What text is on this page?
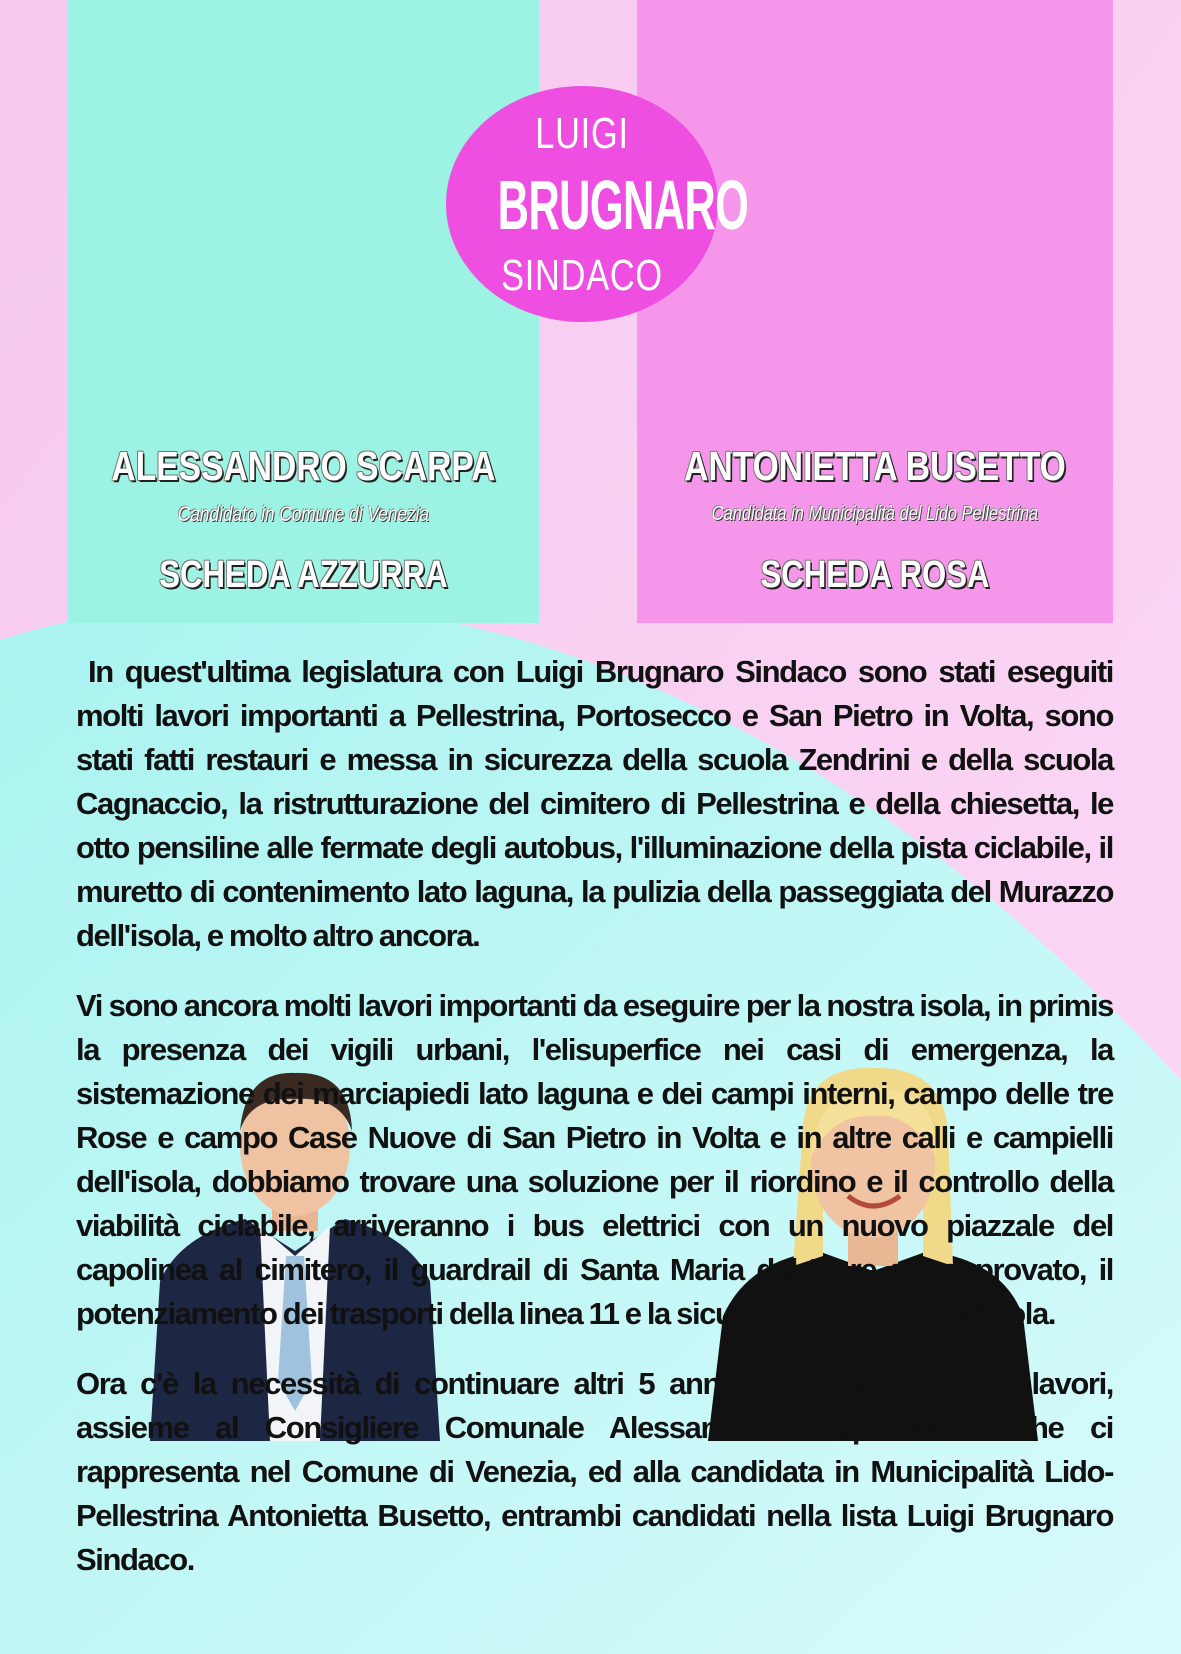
LUIGI
BRUGNARO
SINDACO
ALESSANDRO SCARPA
Candidato in Comune di Venezia
SCHEDA AZZURRA
ANTONIETTA BUSETTO
Candidata in Municipalità del Lido Pellestrina
SCHEDA ROSA

In quest'ultima legislatura con Luigi Brugnaro Sindaco sono stati eseguiti molti lavori importanti a Pellestrina, Portosecco e San Pietro in Volta, sono stati fatti restauri e messa in sicurezza della scuola Zendrini e della scuola Cagnaccio, la ristrutturazione del cimitero di Pellestrina e della chiesetta, le otto pensiline alle fermate degli autobus, l'illuminazione della pista ciclabile, il muretto di contenimento lato laguna, la pulizia della passeggiata del Murazzo dell'isola, e molto altro ancora.

Vi sono ancora molti lavori importanti da eseguire per la nostra isola, in primis la presenza dei vigili urbani, l'elisuperfice nei casi di emergenza, la sistemazione dei marciapiedi lato laguna e dei campi interni, campo delle tre Rose e campo Case Nuove di San Pietro in Volta e in altre calli e campielli dell'isola, dobbiamo trovare una soluzione per il riordino e il controllo della viabilità ciclabile, arriveranno i bus elettrici con un nuovo piazzale del capolinea al cimitero, il guardrail di Santa Maria del Mare già approvato, il potenziamento dei trasporti della linea 11 e la sicurezza idraulica nell'isola.

Ora c'è la necessità di continuare altri 5 anni per portare avanti i lavori, assieme al Consigliere Comunale Alessandro Scarpa Marta che ci rappresenta nel Comune di Venezia, ed alla candidata in Municipalità Lido-Pellestrina Antonietta Busetto, entrambi candidati nella lista Luigi Brugnaro Sindaco.
